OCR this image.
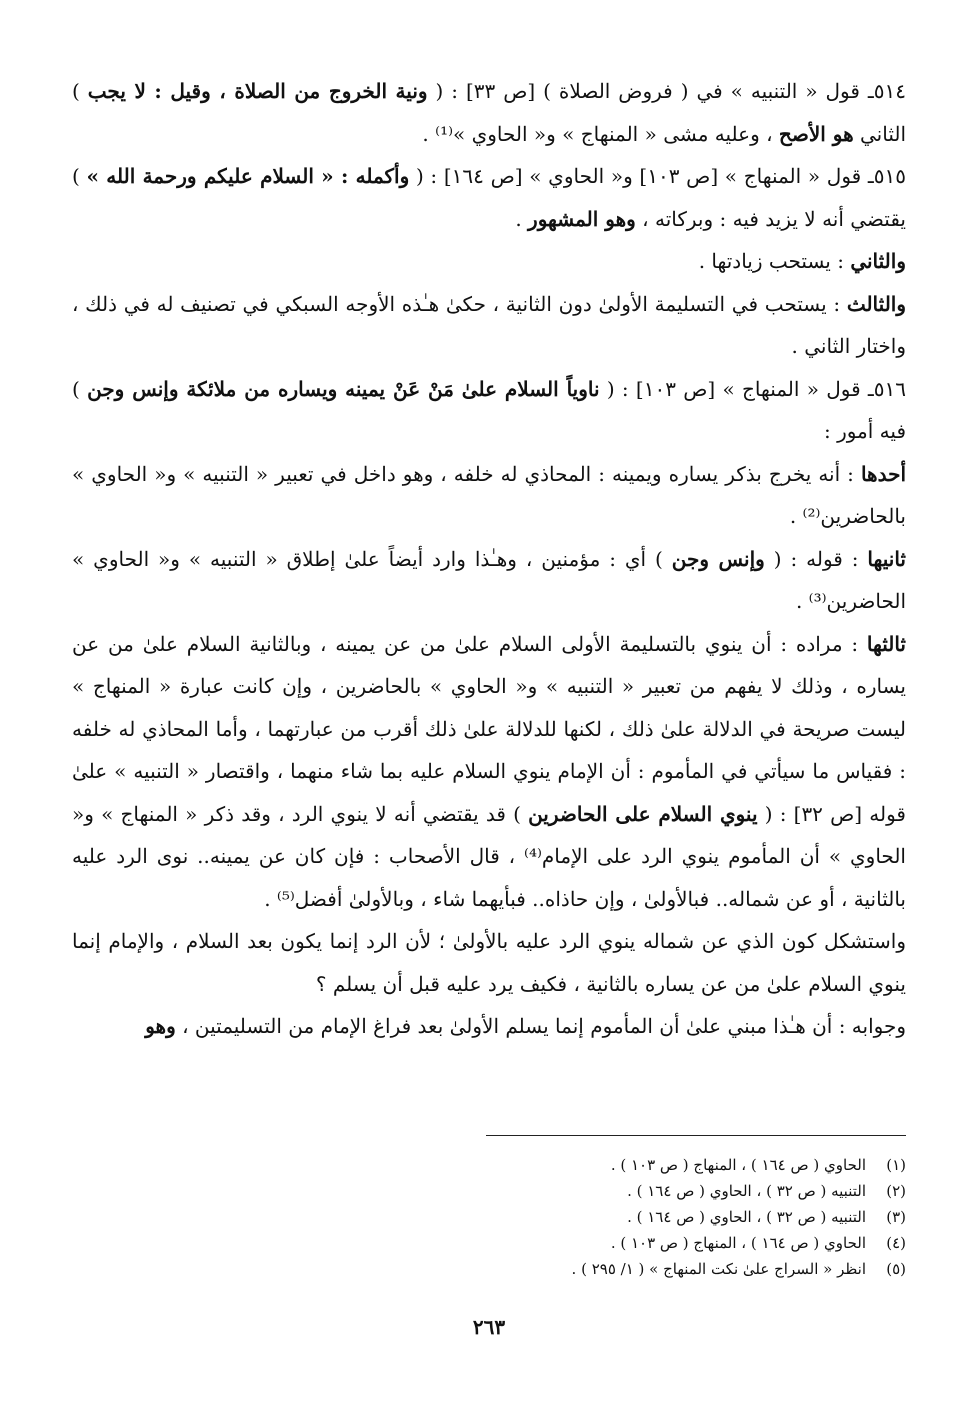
٥١٤ـ قول « التنبيه » في ( فروض الصلاة ) [ص ٣٣] : ( ونية الخروج من الصلاة ، وقيل : لا يجب ) الثاني هو الأصح ، وعليه مشى « المنهاج » و« الحاوي »⁽¹⁾ .

٥١٥ـ قول « المنهاج » [ص ١٠٣] و« الحاوي » [ص ١٦٤] : ( وأكمله : « السلام عليكم ورحمة الله » ) يقتضي أنه لا يزيد فيه : وبركاته ، وهو المشهور .

والثاني : يستحب زيادتها .

والثالث : يستحب في التسليمة الأولىٰ دون الثانية ، حكىٰ هـٰذه الأوجه السبكي في تصنيف له في ذلك ، واختار الثاني .

٥١٦ـ قول « المنهاج » [ص ١٠٣] : ( ناوياً السلام علىٰ مَنْ عَنْ يمينه ويساره من ملائكة وإنس وجن ) فيه أمور :

أحدها : أنه يخرج بذكر يساره ويمينه : المحاذي له خلفه ، وهو داخل في تعبير « التنبيه » و« الحاوي » بالحاضرين⁽²⁾ .

ثانيها : قوله : ( وإنس وجن ) أي : مؤمنين ، وهـٰذا وارد أيضاً علىٰ إطلاق « التنبيه » و« الحاوي » الحاضرين⁽³⁾ .

ثالثها : مراده : أن ينوي بالتسليمة الأولى السلام علىٰ من عن يمينه ، وبالثانية السلام علىٰ من عن يساره ، وذلك لا يفهم من تعبير « التنبيه » و« الحاوي » بالحاضرين ، وإن كانت عبارة « المنهاج » ليست صريحة في الدلالة علىٰ ذلك ، لكنها للدلالة علىٰ ذلك أقرب من عبارتهما ، وأما المحاذي له خلفه : فقياس ما سيأتي في المأموم : أن الإمام ينوي السلام عليه بما شاء منهما ، واقتصار « التنبيه » علىٰ قوله [ص ٣٢] : ( ينوي السلام على الحاضرين ) قد يقتضي أنه لا ينوي الرد ، وقد ذكر « المنهاج » و« الحاوي » أن المأموم ينوي الرد على الإمام⁽⁴⁾ ، قال الأصحاب : فإن كان عن يمينه.. نوى الرد عليه بالثانية ، أو عن شماله.. فبالأولىٰ ، وإن حاذاه.. فبأيهما شاء ، وبالأولىٰ أفضل⁽⁵⁾ .

واستشكل كون الذي عن شماله ينوي الرد عليه بالأولىٰ ؛ لأن الرد إنما يكون بعد السلام ، والإمام إنما ينوي السلام علىٰ من عن يساره بالثانية ، فكيف يرد عليه قبل أن يسلم ؟

وجوابه : أن هـٰذا مبني علىٰ أن المأموم إنما يسلم الأولىٰ بعد فراغ الإمام من التسليمتين ، وهو

(١)الحاوي ( ص ١٦٤ ) ، المنهاج ( ص ١٠٣ ) .
(٢)التنبيه ( ص ٣٢ ) ، الحاوي ( ص ١٦٤ ) .
(٣)التنبيه ( ص ٣٢ ) ، الحاوي ( ص ١٦٤ ) .
(٤)الحاوي ( ص ١٦٤ ) ، المنهاج ( ص ١٠٣ ) .
(٥)انظر « السراج علىٰ نكت المنهاج » ( ١/ ٢٩٥ ) .
٢٦٣
